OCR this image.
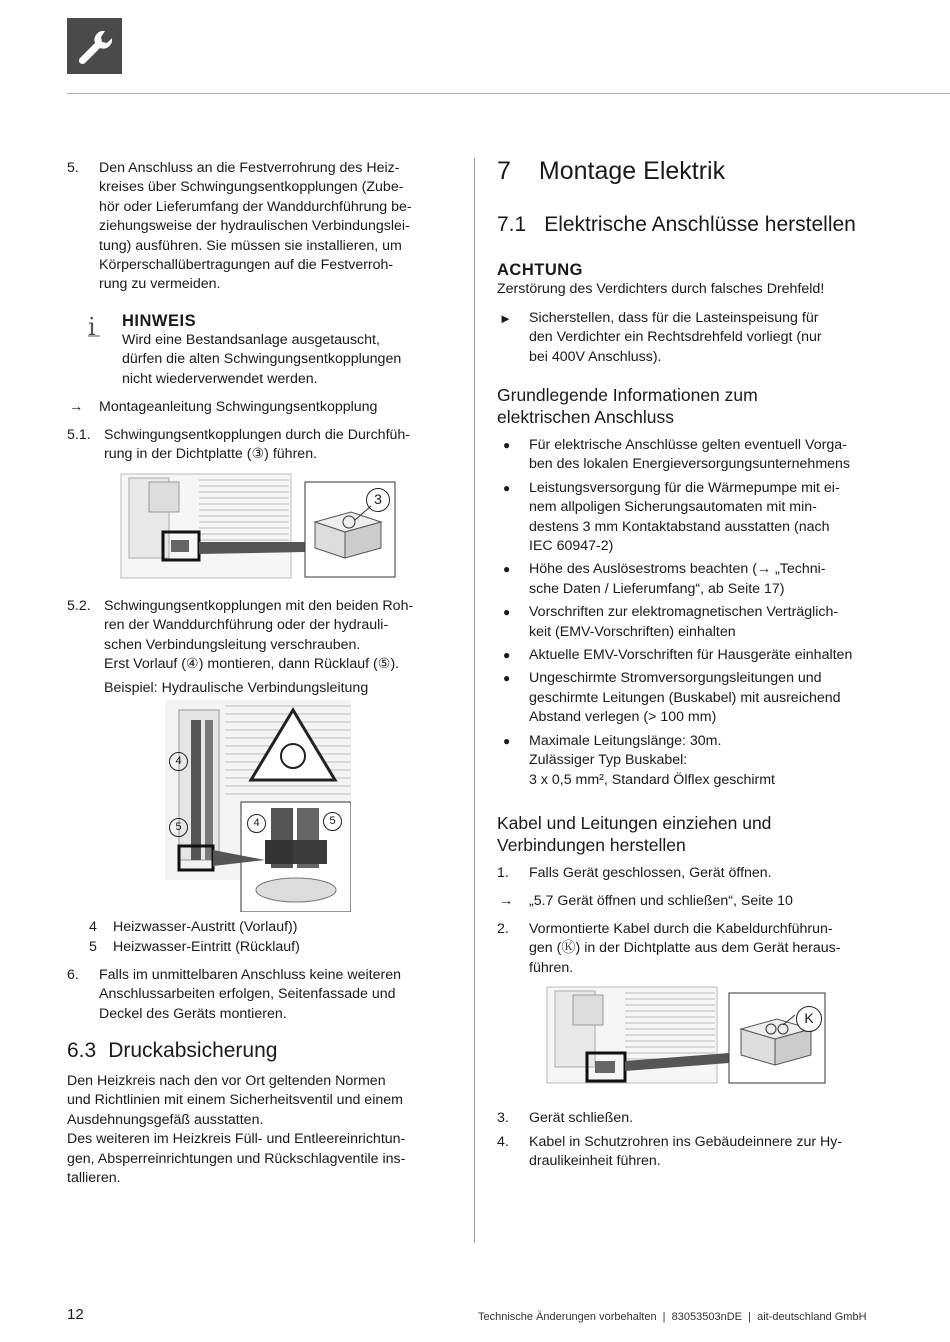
5. Den Anschluss an die Festverrohrung des Heiz-
kreises über Schwingungsentkopplungen (Zube-
hör oder Lieferumfang der Wanddurchführung be-
ziehungsweise der hydraulischen Verbindungslei-
tung) ausführen. Sie müssen sie installieren, um
Körperschallübertragungen auf die Festverroh-
rung zu vermeiden.
i HINWEIS
Wird eine Bestandsanlage ausgetauscht,
dürfen die alten Schwingungsentkopplungen
nicht wiederverwendet werden.
→ Montageanleitung Schwingungsentkopplung
5.1. Schwingungsentkopplungen durch die Durchfüh-
rung in der Dichtplatte (③) führen.
3
5.2. Schwingungsentkopplungen mit den beiden Roh-
ren der Wanddurchführung oder der hydrauli-
schen Verbindungsleitung verschrauben.
Erst Vorlauf (④) montieren, dann Rücklauf (⑤).
Beispiel: Hydraulische Verbindungsleitung
4
5	4	5
4 Heizwasser-Austritt (Vorlauf))
5 Heizwasser-Eintritt (Rücklauf)
6. Falls im unmittelbaren Anschluss keine weiteren
Anschlussarbeiten erfolgen, Seitenfassade und
Deckel des Geräts montieren.
6.3 Druckabsicherung
Den Heizkreis nach den vor Ort geltenden Normen
und Richtlinien mit einem Sicherheitsventil und einem
Ausdehnungsgefäß ausstatten.
Des weiteren im Heizkreis Füll- und Entleereinrichtun-
gen, Absperreinrichtungen und Rückschlagventile ins-
tallieren.
7 Montage Elektrik
7.1 Elektrische Anschlüsse herstellen
ACHTUNG
Zerstörung des Verdichters durch falsches Drehfeld!
► Sicherstellen, dass für die Lasteinspeisung für
den Verdichter ein Rechtsdrehfeld vorliegt (nur
bei 400V Anschluss).
Grundlegende Informationen zum
elektrischen Anschluss
● Für elektrische Anschlüsse gelten eventuell Vorga-
ben des lokalen Energieversorgungsunternehmens
● Leistungsversorgung für die Wärmepumpe mit ei-
nem allpoligen Sicherungsautomaten mit min-
destens 3 mm Kontaktabstand ausstatten (nach
IEC 60947-2)
● Höhe des Auslösestroms beachten (→ „Techni-
sche Daten / Lieferumfang“, ab Seite 17)
● Vorschriften zur elektromagnetischen Verträglich-
keit (EMV-Vorschriften) einhalten
● Aktuelle EMV-Vorschriften für Hausgeräte einhalten
● Ungeschirmte Stromversorgungsleitungen und
geschirmte Leitungen (Buskabel) mit ausreichend
Abstand verlegen (> 100 mm)
● Maximale Leitungslänge: 30m.
Zulässiger Typ Buskabel:
3 x 0,5 mm², Standard Ölflex geschirmt
Kabel und Leitungen einziehen und
Verbindungen herstellen
1. Falls Gerät geschlossen, Gerät öffnen.
→ „5.7 Gerät öffnen und schließen“, Seite 10
2. Vormontierte Kabel durch die Kabeldurchführun-
gen (Ⓚ) in der Dichtplatte aus dem Gerät heraus-
führen.
K
3. Gerät schließen.
4. Kabel in Schutzrohren ins Gebäudeinnere zur Hy-
draulikeinheit führen.
12	Technische Änderungen vorbehalten  |  83053503nDE  |  ait-deutschland GmbH
